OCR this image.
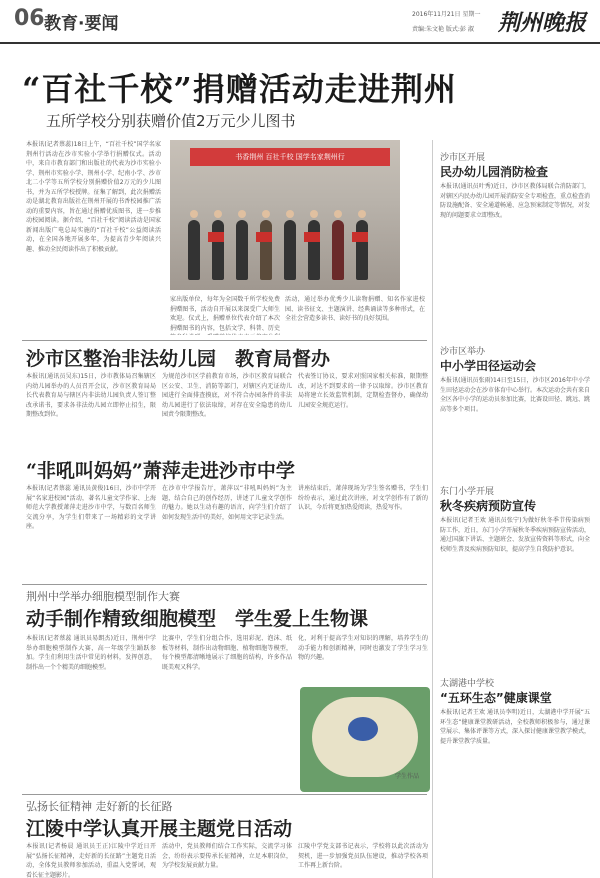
06 教育·要闻	2016年11月21日 星期一
责编:朱文艳 版式:彭 淑 荆州晚报
“百社千校”捐赠活动走进荆州
五所学校分别获赠价值2万元少儿图书
本报讯(记者蔡蕊)18日上午，“百社千校”国学名家荆州行活动在沙市实验小学举行捐赠仪式。活动中，来自市教育部门和出版社的代表为沙市实验小学、荆州市实验小学、荆州小学、纪南小学、沙市北二小学等五所学校分别捐赠价值2万元的少儿图书，并为五所学校授牌。征集了解到，此次捐赠活动是湖北教育出版社在荆州开展的书香校园推广活动的重要内容，旨在通过捐赠优质图书，进一步推动校园阅读。据介绍，“百社千校”阅读活动是国家新闻出版广电总局实施的“百社千校”公益阅读活动，在全国各地开展多年，为提高青少年阅读兴趣、推动全民阅读作出了积极贡献。
书香荆州 百社千校 国学名家荆州行
家出版单位，每年为全国数千所学校免费捐赠图书，活动自开展以来深受广大师生欢迎。仪式上，捐赠单位代表介绍了本次捐赠图书的内容，包括文学、科普、历史
活动，通过举办优秀少儿读物捐赠、知名作家进校园、读书征文、主题演讲、经典诵读等多种形式，在全社会营造多读书、读好书的良好氛围。
沙市区整治非法幼儿园　教育局督办
本报讯(通讯员吴东)15日，沙市教体局召集辖区内幼儿园举办的人员召开会议，沙市区教育局局长代表教育局与辖区内非法幼儿园负责人签订整改承诺书，要求各非法幼儿园立即停止招生，限期整改到位。
为规范沙市区学前教育市场，沙市区教育局联合区公安、卫生、消防等部门，对辖区内无证幼儿园进行全面排查摸底，对不符合办园条件的非法幼儿园进行了依法取缔，对存在安全隐患的幼儿园责令限期整改。
代表签订协议，要求对照国家相关标准，限期整改，对达不到要求的一律予以取缔。沙市区教育局将建立长效监管机制，定期检查督办，确保幼儿园安全规范运行。
“非吼叫妈妈”萧萍走进沙市中学
本报讯(记者蔡蕊 通讯员黄俊)16日，沙市中学开展“名家进校园”活动，著名儿童文学作家、上海师范大学教授萧萍走进沙市中学，与数百名师生交流分享，为学生们带来了一场精彩的文学讲座。
在沙市中学报告厅，萧萍以“非吼叫妈妈”为主题，结合自己的创作经历，讲述了儿童文学创作的魅力。她以生动有趣的语言，向学生们介绍了如何发现生活中的美好，如何用文字记录生活。
讲座结束后，萧萍现场为学生签名赠书，学生们纷纷表示，通过此次讲座，对文学创作有了新的认识，今后将更加热爱阅读，热爱写作。
荆州中学举办细胞模型制作大赛
动手制作精致细胞模型　学生爱上生物课
本报讯(记者蔡蕊 通讯员易朗杰)近日，荆州中学举办细胞模型制作大赛，高一年级学生踊跃参加。学生们利用生活中常见的材料，发挥创意，制作出一个个精美的细胞模型。
比赛中，学生们分组合作，选用彩泥、泡沫、纸板等材料，制作出动物细胞、植物细胞等模型，每个模型都清晰地展示了细胞的结构，许多作品既美观又科学。
化，对利于提高学生对知识的理解，培养学生的动手能力和创新精神，同时也激发了学生学习生物的兴趣。
学生作品
弘扬长征精神 走好新的长征路
江陵中学认真开展主题党日活动
本报讯(记者杨晨 通讯员王正)江陵中学近日开展“弘扬长征精神，走好新的长征路”主题党日活动，全体党员教师参加活动，重温入党誓词，观看长征主题影片。
活动中，党员教师们结合工作实际，交流学习体会，纷纷表示要传承长征精神，立足本职岗位，为学校发展贡献力量。
江陵中学党支部书记表示，学校将以此次活动为契机，进一步加强党员队伍建设，推动学校各项工作再上新台阶。
沙市区开展
民办幼儿园消防检查
本报讯(通讯员叶秀)近日，沙市区教体局联合消防部门，对辖区内民办幼儿园开展消防安全专项检查，重点检查消防设施配备、安全通道畅通、应急预案制定等情况，对发现的问题要求立即整改。
沙市区举办
中小学田径运动会
本报讯(通讯员张雨)14日至15日，沙市区2016年中小学生田径运动会在沙市体育中心举行。本次运动会共有来自全区各中小学的运动员参加比赛，比赛设田径、跳远、跳高等多个项目。
东门小学开展
秋冬疾病预防宣传
本报讯(记者王欢 通讯员张宁)为做好秋冬季节传染病预防工作，近日，东门小学开展秋冬季疾病预防宣传活动，通过国旗下讲话、主题班会、发放宣传资料等形式，向全校师生普及疾病预防知识，提高学生自我防护意识。
太湖港中学校
“五环生态”健康课堂
本报讯(记者王欢 通讯员李明)近日，太湖港中学开展“五环生态”健康课堂教研活动，全校教师积极参与，通过课堂展示、集体评课等方式，深入探讨健康课堂教学模式，提升课堂教学质量。
